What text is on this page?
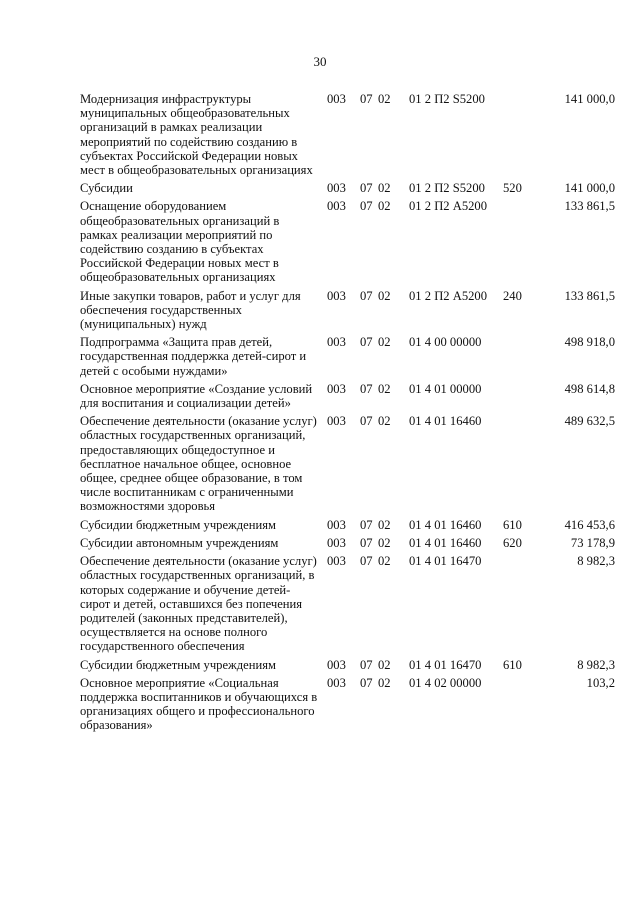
30
Модернизация инфраструктуры муниципальных общеобразовательных организаций в рамках реализации мероприятий по содействию созданию в субъектах Российской Федерации новых мест в общеобразовательных организациях
003 07 02 01 2 П2 S5200	141 000,0
Субсидии	003 07 02 01 2 П2 S5200 520	141 000,0
Оснащение оборудованием общеобразовательных организаций в рамках реализации мероприятий по содействию созданию в субъектах Российской Федерации новых мест в общеобразовательных организациях
003 07 02 01 2 П2 А5200	133 861,5
Иные закупки товаров, работ и услуг для обеспечения государственных (муниципальных) нужд
003 07 02 01 2 П2 А5200 240	133 861,5
Подпрограмма «Защита прав детей, государственная поддержка детей-сирот и детей с особыми нуждами»
003 07 02 01 4 00 00000	498 918,0
Основное мероприятие «Создание условий для воспитания и социализации детей»
003 07 02 01 4 01 00000	498 614,8
Обеспечение деятельности (оказание услуг) областных государственных организаций, предоставляющих общедоступное и бесплатное начальное общее, основное общее, среднее общее образование, в том числе воспитанникам с ограниченными возможностями здоровья
003 07 02 01 4 01 16460	489 632,5
Субсидии бюджетным учреждениям	003 07 02 01 4 01 16460 610	416 453,6
Субсидии автономным учреждениям	003 07 02 01 4 01 16460 620	73 178,9
Обеспечение деятельности (оказание услуг) областных государственных организаций, в которых содержание и обучение детей-сирот и детей, оставшихся без попечения родителей (законных представителей), осуществляется на основе полного государственного обеспечения
003 07 02 01 4 01 16470	8 982,3
Субсидии бюджетным учреждениям	003 07 02 01 4 01 16470 610	8 982,3
Основное мероприятие «Социальная поддержка воспитанников и обучающихся в организациях общего и профессионального образования»
003 07 02 01 4 02 00000	103,2
